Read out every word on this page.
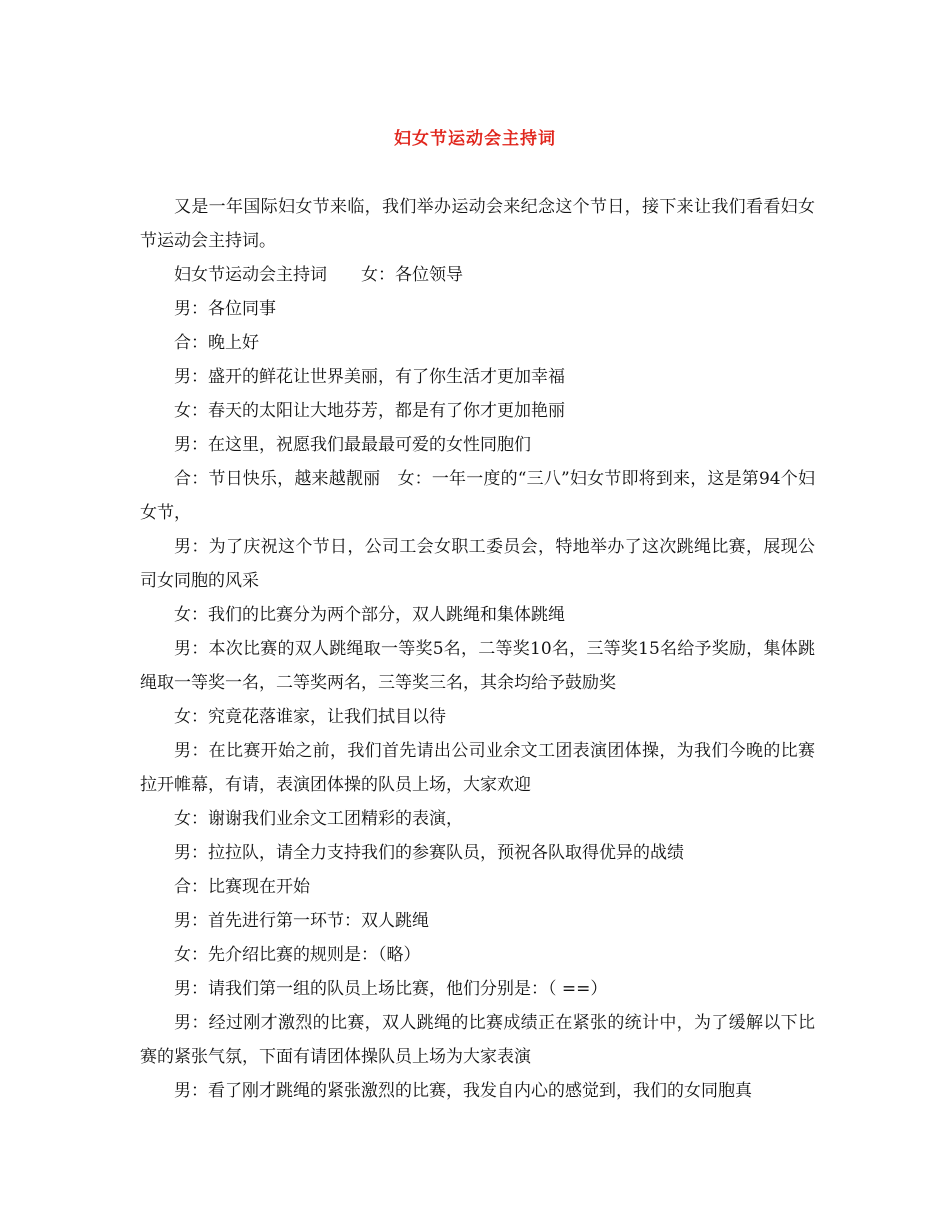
妇女节运动会主持词

又是一年国际妇女节来临，我们举办运动会来纪念这个节日，接下来让我们看看妇女节运动会主持词。

妇女节运动会主持词　　女：各位领导

男：各位同事

合：晚上好

男：盛开的鲜花让世界美丽，有了你生活才更加幸福

女：春天的太阳让大地芬芳，都是有了你才更加艳丽

男：在这里，祝愿我们最最最可爱的女性同胞们

合：节日快乐，越来越靓丽　女：一年一度的“三八”妇女节即将到来，这是第94个妇女节，

男：为了庆祝这个节日，公司工会女职工委员会，特地举办了这次跳绳比赛，展现公司女同胞的风采

女：我们的比赛分为两个部分，双人跳绳和集体跳绳

男：本次比赛的双人跳绳取一等奖5名，二等奖10名，三等奖15名给予奖励，集体跳绳取一等奖一名，二等奖两名，三等奖三名，其余均给予鼓励奖

女：究竟花落谁家，让我们拭目以待

男：在比赛开始之前，我们首先请出公司业余文工团表演团体操，为我们今晚的比赛拉开帷幕，有请，表演团体操的队员上场，大家欢迎

女：谢谢我们业余文工团精彩的表演，

男：拉拉队，请全力支持我们的参赛队员，预祝各队取得优异的战绩

合：比赛现在开始

男：首先进行第一环节：双人跳绳

女：先介绍比赛的规则是：（略）

男：请我们第一组的队员上场比赛，他们分别是：（ ==）

男：经过刚才激烈的比赛，双人跳绳的比赛成绩正在紧张的统计中，为了缓解以下比赛的紧张气氛，下面有请团体操队员上场为大家表演

男：看了刚才跳绳的紧张激烈的比赛，我发自内心的感觉到，我们的女同胞真
